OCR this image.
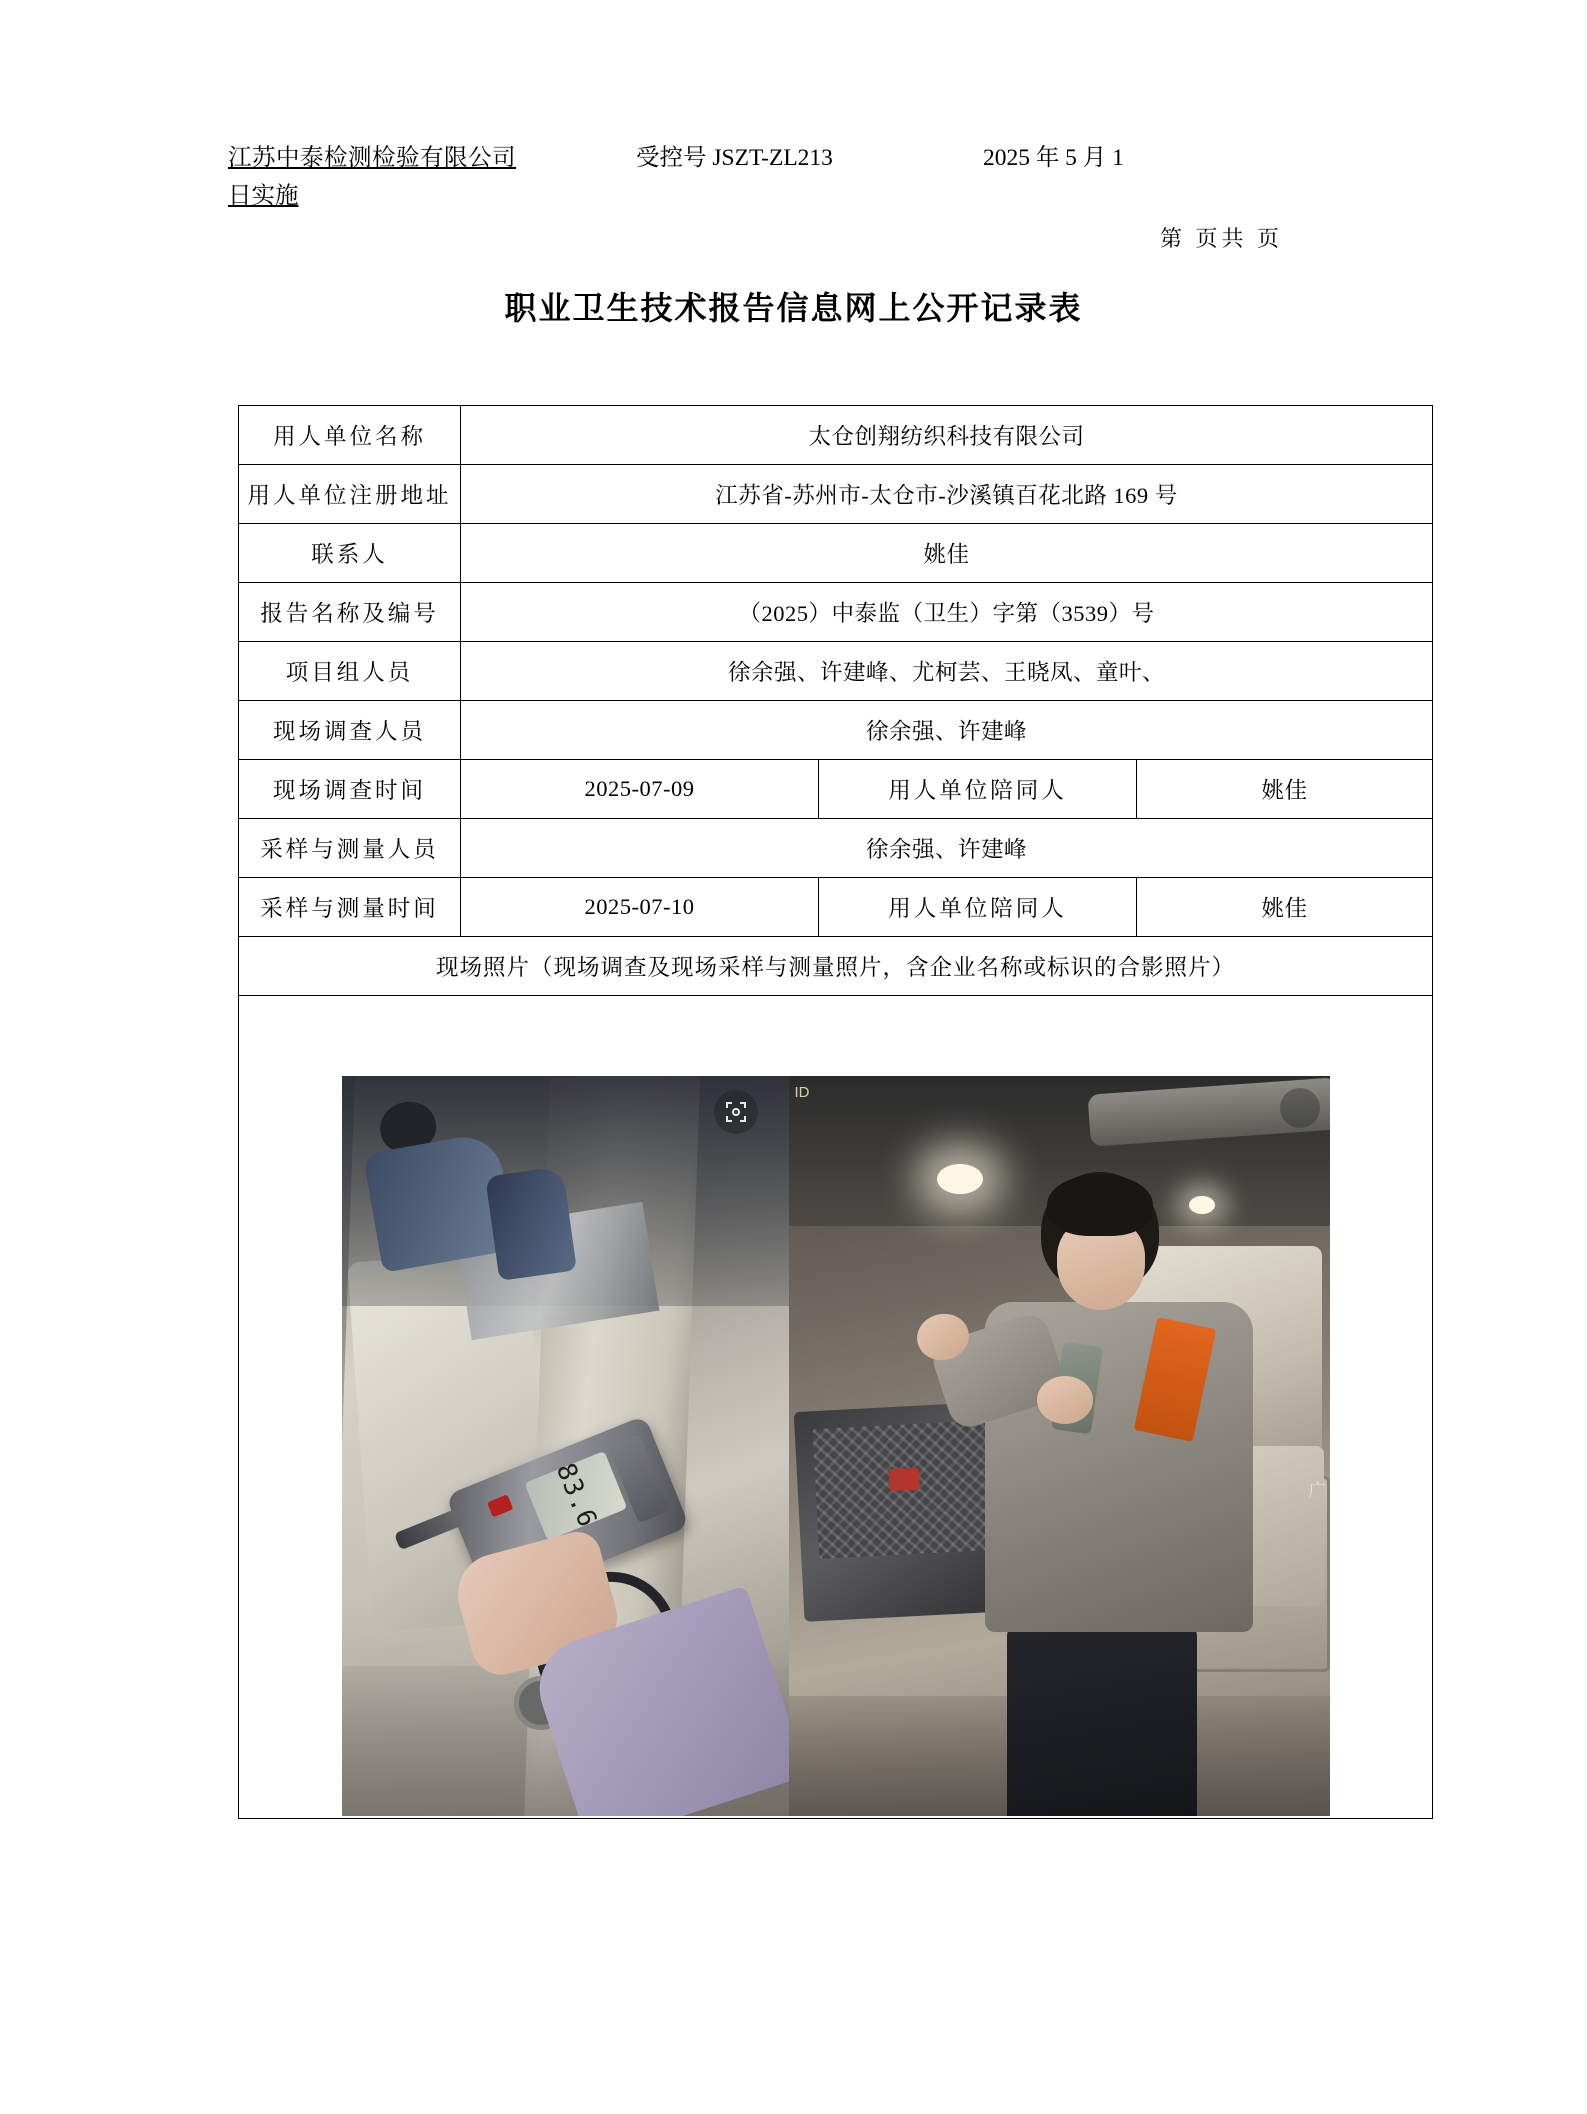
江苏中泰检测检验有限公司	受控号 JSZT-ZL213	2025 年 5 月 1
日实施
第 页共 页
职业卫生技术报告信息网上公开记录表
用人单位名称	太仓创翔纺织科技有限公司		
用人单位注册地址	江苏省-苏州市-太仓市-沙溪镇百花北路 169 号		
联系人	姚佳		
报告名称及编号	（2025）中泰监（卫生）字第（3539）号		
项目组人员	徐余强、许建峰、尤柯芸、王晓凤、童叶、		
现场调查人员	徐余强、许建峰		
现场调查时间	2025-07-09	用人单位陪同人	姚佳
采样与测量人员	徐余强、许建峰		
采样与测量时间	2025-07-10	用人单位陪同人	姚佳
现场照片（现场调查及现场采样与测量照片，含企业名称或标识的合影照片）			

83.6
ID
广			
